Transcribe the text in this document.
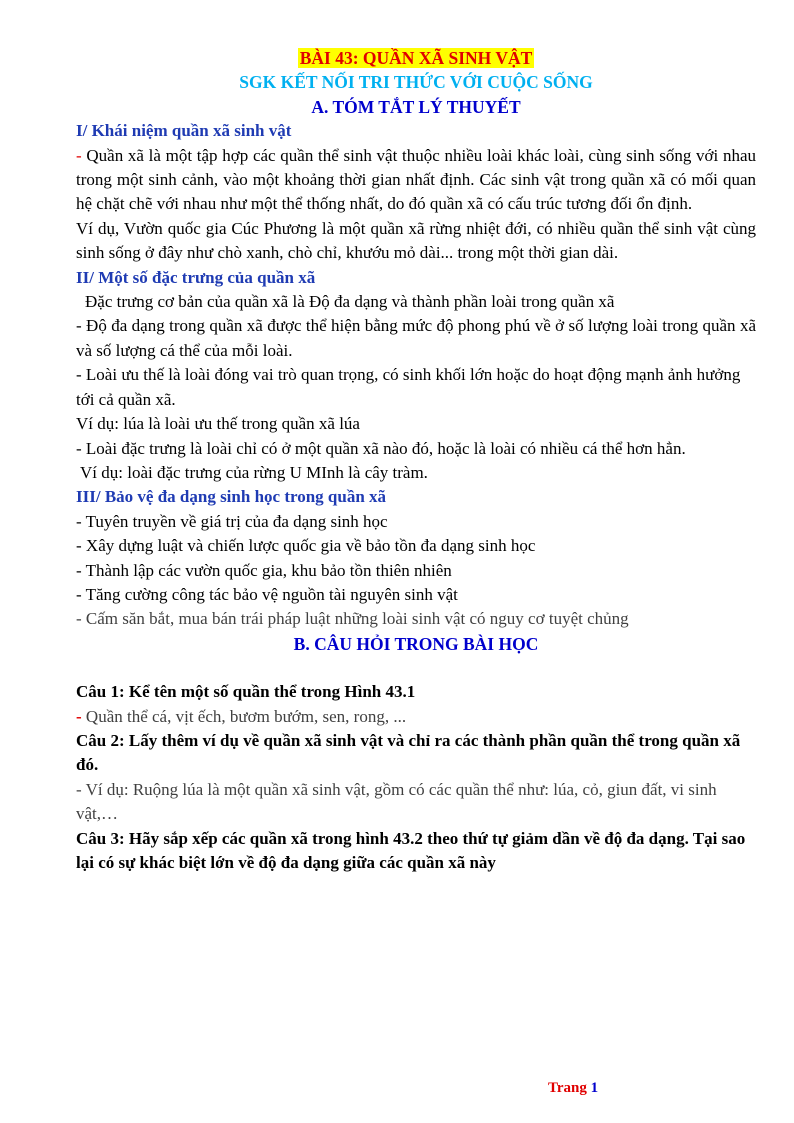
BÀI 43: QUẦN XÃ SINH VẬT
SGK KẾT NỐI TRI THỨC VỚI CUỘC SỐNG
A. TÓM TẮT LÝ THUYẾT
I/ Khái niệm quần xã sinh vật

- Quần xã là một tập hợp các quần thể sinh vật thuộc nhiều loài khác loài, cùng sinh sống với nhau trong một sinh cảnh, vào một khoảng thời gian nhất định. Các sinh vật trong quần xã có mối quan hệ chặt chẽ với nhau như một thể thống nhất, do đó quần xã có cấu trúc tương đối ổn định.

Ví dụ, Vườn quốc gia Cúc Phương là một quần xã rừng nhiệt đới, có nhiều quần thể sinh vật cùng sinh sống ở đây như chò xanh, chò chỉ, khướu mỏ dài... trong một thời gian dài.

II/ Một số đặc trưng của quần xã

Đặc trưng cơ bản của quần xã là Độ đa dạng và thành phần loài trong quần xã

- Độ đa dạng trong quần xã được thể hiện bằng mức độ phong phú về ở số lượng loài trong quần xã và số lượng cá thể của mỗi loài.

- Loài ưu thế là loài đóng vai trò quan trọng, có sinh khối lớn hoặc do hoạt động mạnh ảnh hưởng tới cả quần xã.

Ví dụ: lúa là loài ưu thế trong quần xã lúa

- Loài đặc trưng là loài chỉ có ở một quần xã nào đó, hoặc là loài có nhiều cá thể hơn hẳn.

Ví dụ: loài đặc trưng của rừng U MInh là cây tràm.

III/ Bảo vệ đa dạng sinh học trong quần xã

- Tuyên truyền về giá trị của đa dạng sinh học

- Xây dựng luật và chiến lược quốc gia về bảo tồn đa dạng sinh học

- Thành lập các vườn quốc gia, khu bảo tồn thiên nhiên

- Tăng cường công tác bảo vệ nguồn tài nguyên sinh vật

- Cấm săn bắt, mua bán trái pháp luật những loài sinh vật có nguy cơ tuyệt chủng

B. CÂU HỎI TRONG BÀI HỌC

Câu 1: Kể tên một số quần thể trong Hình 43.1

- Quần thể cá, vịt ếch, bươm bướm, sen, rong, ...

Câu 2: Lấy thêm ví dụ về quần xã sinh vật và chỉ ra các thành phần quần thể trong quần xã đó.

- Ví dụ: Ruộng lúa là một quần xã sinh vật, gồm có các quần thể như: lúa, cỏ, giun đất, vi sinh vật,…

Câu 3: Hãy sắp xếp các quần xã trong hình 43.2 theo thứ tự giảm dần về độ đa dạng. Tại sao lại có sự khác biệt lớn về độ đa dạng giữa các quần xã này

Trang 1
